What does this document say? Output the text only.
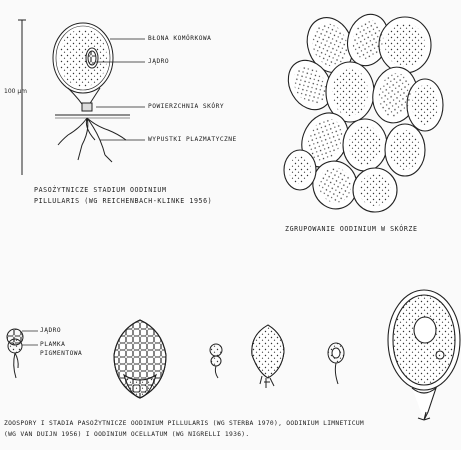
BŁONA KOMÓRKOWA
JĄDRO
POWIERZCHNIA SKÓRY
WYPUSTKI PLAZMATYCZNE
100 µm
PASOŻYTNICZE STADIUM OODINIUM
PILLULARIS (WG REICHENBACH-KLINKE 1956)
ZGRUPOWANIE OODINIUM W SKÓRZE
JĄDRO
PLAMKA
PIGMENTOWA
ZOOSPORY I STADIA PASOŻYTNICZE OODINIUM PILLULARIS (WG STERBA 1970), OODINIUM LIMNETICUM
(WG VAN DUIJN 1956) I OODINIUM OCELLATUM (WG NIGRELLI 1936).
